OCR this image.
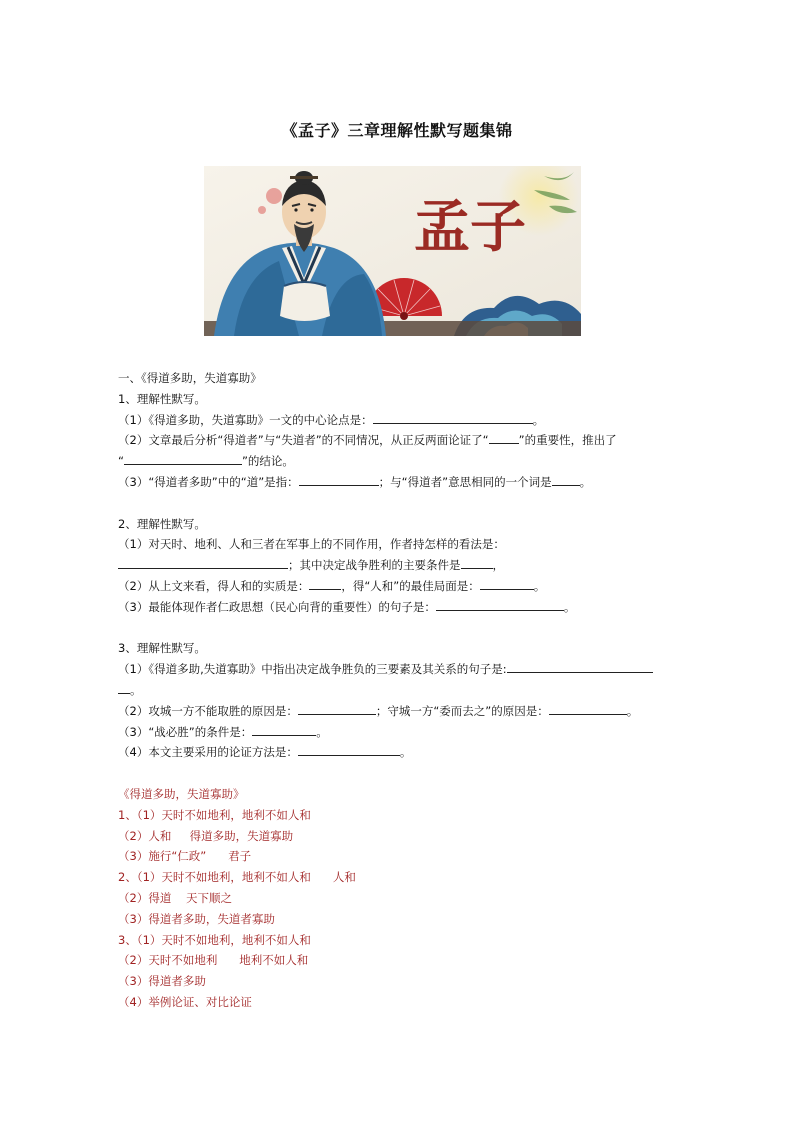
《孟子》三章理解性默写题集锦
孟子
一、《得道多助，失道寡助》
1、理解性默写。
（1）《得道多助，失道寡助》一文的中心论点是：	。
（2）文章最后分析“得道者”与“失道者”的不同情况，从正反两面论证了“	”的重要性，推出了
“	”的结论。
（3）“得道者多助”中的“道”是指：	；与“得道者”意思相同的一个词是 。
2、理解性默写。
（1）对天时、地利、人和三者在军事上的不同作用，作者持怎样的看法是：
；其中决定战争胜利的主要条件是	，
（2）从上文来看，得人和的实质是：	，得“人和”的最佳局面是：	。
（3）最能体现作者仁政思想（民心向背的重要性）的句子是：	。
3、理解性默写。
（1）《得道多助,失道寡助》中指出决定战争胜负的三要素及其关系的句子是:
。
（2）攻城一方不能取胜的原因是：	；守城一方“委而去之”的原因是：	。
（3）“战必胜”的条件是：	。
（4）本文主要采用的论证方法是：	。
《得道多助，失道寡助》
1、（1）天时不如地利，地利不如人和
（2）人和     得道多助，失道寡助
（3）施行“仁政”      君子
2、（1）天时不如地利，地利不如人和      人和
（2）得道    天下顺之
（3）得道者多助，失道者寡助
3、（1）天时不如地利，地利不如人和
（2）天时不如地利      地利不如人和
（3）得道者多助
（4）举例论证、对比论证
